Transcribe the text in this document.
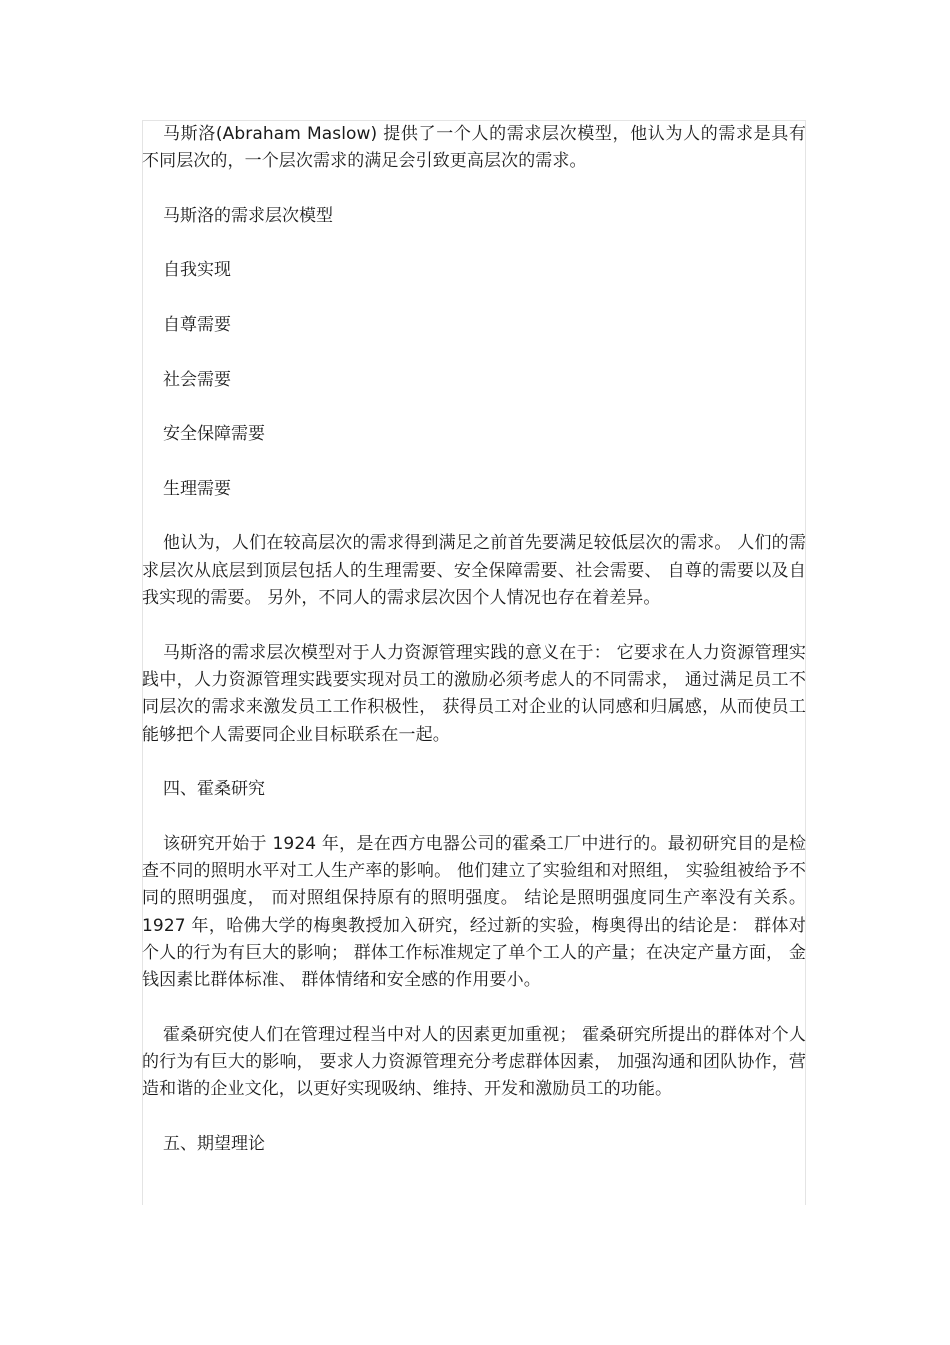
马斯洛(Abraham Maslow) 提供了一个人的需求层次模型，他认为人的需求是具有不同层次的，一个层次需求的满足会引致更高层次的需求。

马斯洛的需求层次模型

自我实现

自尊需要

社会需要

安全保障需要

生理需要

他认为，人们在较高层次的需求得到满足之前首先要满足较低层次的需求。 人们的需求层次从底层到顶层包括人的生理需要、安全保障需要、社会需要、 自尊的需要以及自我实现的需要。 另外，不同人的需求层次因个人情况也存在着差异。

马斯洛的需求层次模型对于人力资源管理实践的意义在于： 它要求在人力资源管理实践中，人力资源管理实践要实现对员工的激励必须考虑人的不同需求， 通过满足员工不同层次的需求来激发员工工作积极性， 获得员工对企业的认同感和归属感，从而使员工能够把个人需要同企业目标联系在一起。

四、霍桑研究

该研究开始于 1924 年，是在西方电器公司的霍桑工厂中进行的。最初研究目的是检查不同的照明水平对工人生产率的影响。 他们建立了实验组和对照组， 实验组被给予不同的照明强度， 而对照组保持原有的照明强度。 结论是照明强度同生产率没有关系。 1927 年，哈佛大学的梅奥教授加入研究，经过新的实验，梅奥得出的结论是： 群体对个人的行为有巨大的影响； 群体工作标准规定了单个工人的产量；在决定产量方面， 金钱因素比群体标准、 群体情绪和安全感的作用要小。

霍桑研究使人们在管理过程当中对人的因素更加重视； 霍桑研究所提出的群体对个人的行为有巨大的影响， 要求人力资源管理充分考虑群体因素， 加强沟通和团队协作，营造和谐的企业文化，以更好实现吸纳、维持、开发和激励员工的功能。

五、期望理论
